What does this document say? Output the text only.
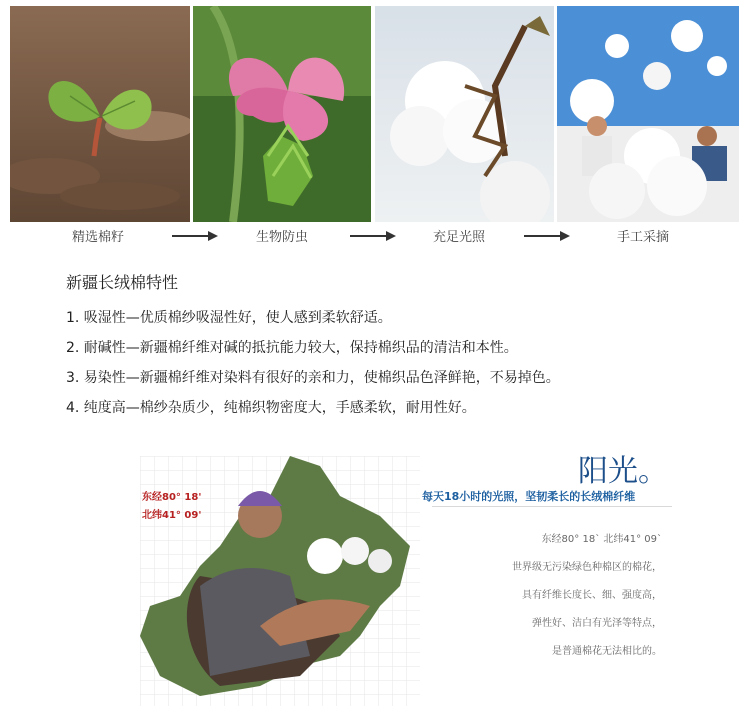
精选棉籽	生物防虫	充足光照	手工采摘
新疆长绒棉特性
1. 吸湿性—优质棉纱吸湿性好，使人感到柔软舒适。
2. 耐碱性—新疆棉纤维对碱的抵抗能力较大，保持棉织品的清洁和本性。
3. 易染性—新疆棉纤维对染料有很好的亲和力，使棉织品色泽鲜艳，不易掉色。
4. 纯度高—棉纱杂质少，纯棉织物密度大，手感柔软，耐用性好。
东经80° 18'
北纬41° 09'
阳光。
每天18小时的光照，坚韧柔长的长绒棉纤维
东经80° 18` 北纬41° 09`
世界级无污染绿色种棉区的棉花，
具有纤维长度长、细、强度高，
弹性好、洁白有光泽等特点，
是普通棉花无法相比的。
